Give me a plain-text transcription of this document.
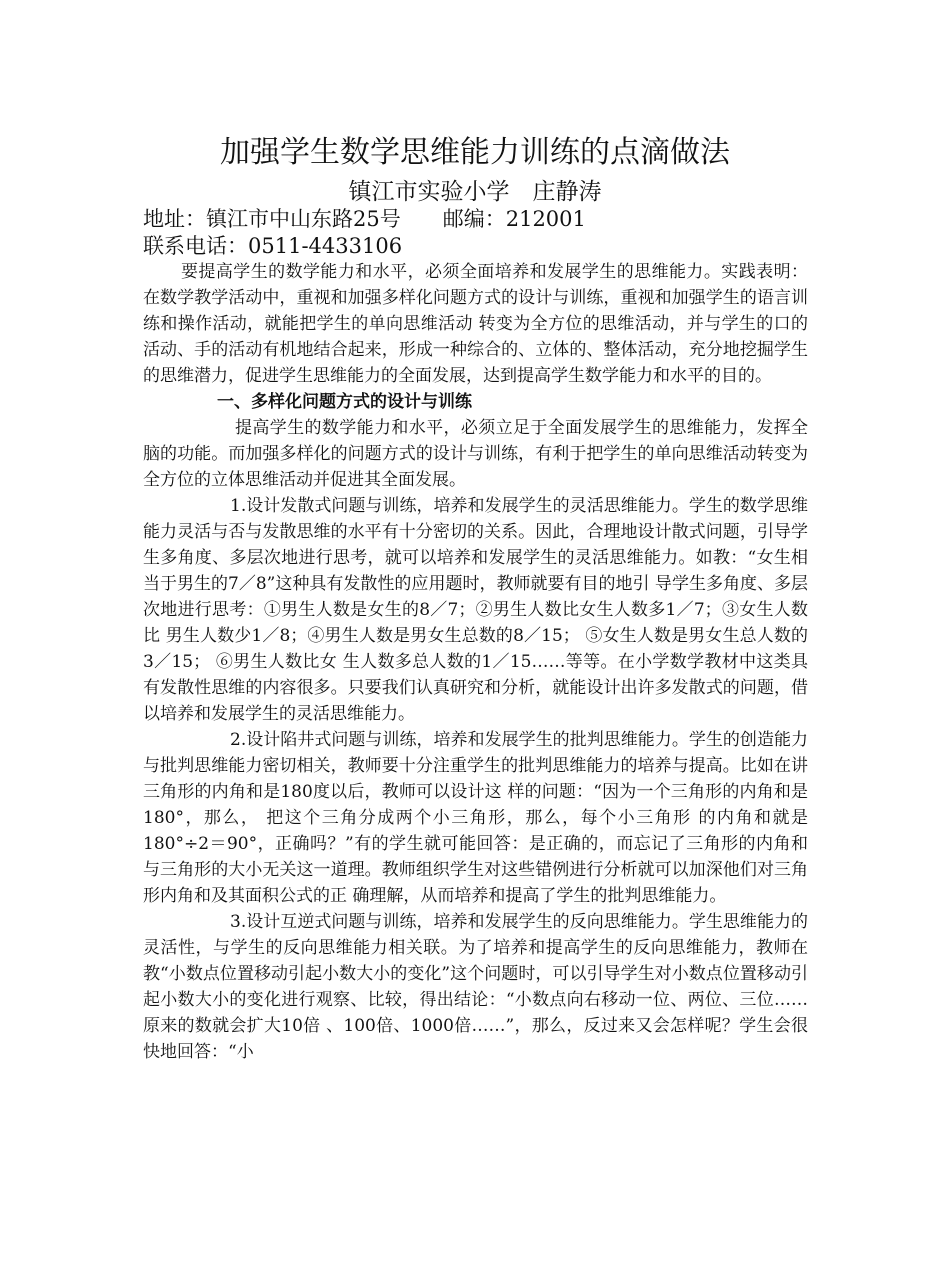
加强学生数学思维能力训练的点滴做法
镇江市实验小学　庄静涛
地址：镇江市中山东路25号　　邮编：212001
联系电话：0511-4433106

要提高学生的数学能力和水平，必须全面培养和发展学生的思维能力。实践表明：在数学教学活动中，重视和加强多样化问题方式的设计与训练，重视和加强学生的语言训练和操作活动，就能把学生的单向思维活动 转变为全方位的思维活动，并与学生的口的活动、手的活动有机地结合起来，形成一种综合的、立体的、整体活动，充分地挖掘学生的思维潜力，促进学生思维能力的全面发展，达到提高学生数学能力和水平的目的。

一、多样化问题方式的设计与训练

提高学生的数学能力和水平，必须立足于全面发展学生的思维能力，发挥全脑的功能。而加强多样化的问题方式的设计与训练，有利于把学生的单向思维活动转变为全方位的立体思维活动并促进其全面发展。

1.设计发散式问题与训练，培养和发展学生的灵活思维能力。学生的数学思维能力灵活与否与发散思维的水平有十分密切的关系。因此，合理地设计散式问题，引导学生多角度、多层次地进行思考，就可以培养和发展学生的灵活思维能力。如教：“女生相当于男生的7／8”这种具有发散性的应用题时，教师就要有目的地引 导学生多角度、多层次地进行思考：①男生人数是女生的8／7；②男生人数比女生人数多1／7；③女生人数比 男生人数少1／8；④男生人数是男女生总数的8／15； ⑤女生人数是男女生总人数的3／15； ⑥男生人数比女 生人数多总人数的1／15……等等。在小学数学教材中这类具有发散性思维的内容很多。只要我们认真研究和分析，就能设计出许多发散式的问题，借以培养和发展学生的灵活思维能力。

2.设计陷井式问题与训练，培养和发展学生的批判思维能力。学生的创造能力与批判思维能力密切相关，教师要十分注重学生的批判思维能力的培养与提高。比如在讲三角形的内角和是180度以后，教师可以设计这 样的问题：“因为一个三角形的内角和是180°，那么， 把这个三角分成两个小三角形，那么，每个小三角形 的内角和就是180°÷2＝90°，正确吗？”有的学生就可能回答：是正确的，而忘记了三角形的内角和与三角形的大小无关这一道理。教师组织学生对这些错例进行分析就可以加深他们对三角形内角和及其面积公式的正 确理解，从而培养和提高了学生的批判思维能力。

3.设计互逆式问题与训练，培养和发展学生的反向思维能力。学生思维能力的灵活性，与学生的反向思维能力相关联。为了培养和提高学生的反向思维能力，教师在教“小数点位置移动引起小数大小的变化”这个问题时，可以引导学生对小数点位置移动引起小数大小的变化进行观察、比较，得出结论：“小数点向右移动一位、两位、三位……原来的数就会扩大10倍 、100倍、1000倍……”，那么，反过来又会怎样呢？学生会很快地回答：“小
